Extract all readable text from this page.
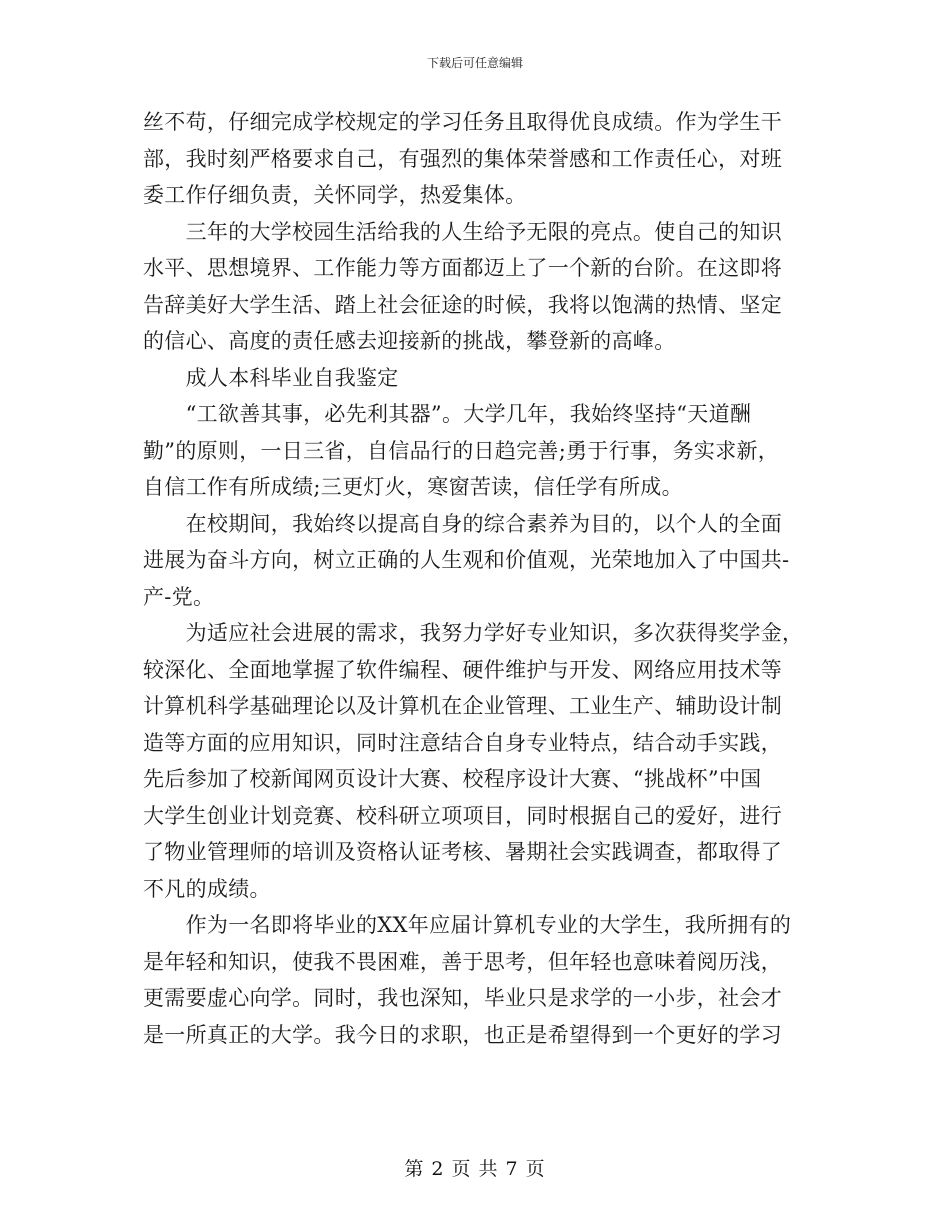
下载后可任意编辑
丝不苟，仔细完成学校规定的学习任务且取得优良成绩。作为学生干
部，我时刻严格要求自己，有强烈的集体荣誉感和工作责任心，对班
委工作仔细负责，关怀同学，热爱集体。
　　三年的大学校园生活给我的人生给予无限的亮点。使自己的知识
水平、思想境界、工作能力等方面都迈上了一个新的台阶。在这即将
告辞美好大学生活、踏上社会征途的时候，我将以饱满的热情、坚定
的信心、高度的责任感去迎接新的挑战，攀登新的高峰。
　　成人本科毕业自我鉴定
　　“工欲善其事，必先利其器”。大学几年，我始终坚持“天道酬
勤”的原则，一日三省，自信品行的日趋完善;勇于行事，务实求新，
自信工作有所成绩;三更灯火，寒窗苦读，信任学有所成。
　　在校期间，我始终以提高自身的综合素养为目的，以个人的全面
进展为奋斗方向，树立正确的人生观和价值观，光荣地加入了中国共-
产-党。
　　为适应社会进展的需求，我努力学好专业知识，多次获得奖学金，
较深化、全面地掌握了软件编程、硬件维护与开发、网络应用技术等
计算机科学基础理论以及计算机在企业管理、工业生产、辅助设计制
造等方面的应用知识，同时注意结合自身专业特点，结合动手实践，
先后参加了校新闻网页设计大赛、校程序设计大赛、“挑战杯”中国
大学生创业计划竞赛、校科研立项项目，同时根据自己的爱好，进行
了物业管理师的培训及资格认证考核、暑期社会实践调查，都取得了
不凡的成绩。
　　作为一名即将毕业的XX年应届计算机专业的大学生，我所拥有的
是年轻和知识，使我不畏困难，善于思考，但年轻也意味着阅历浅，
更需要虚心向学。同时，我也深知，毕业只是求学的一小步，社会才
是一所真正的大学。我今日的求职，也正是希望得到一个更好的学习
第 2 页 共 7 页
